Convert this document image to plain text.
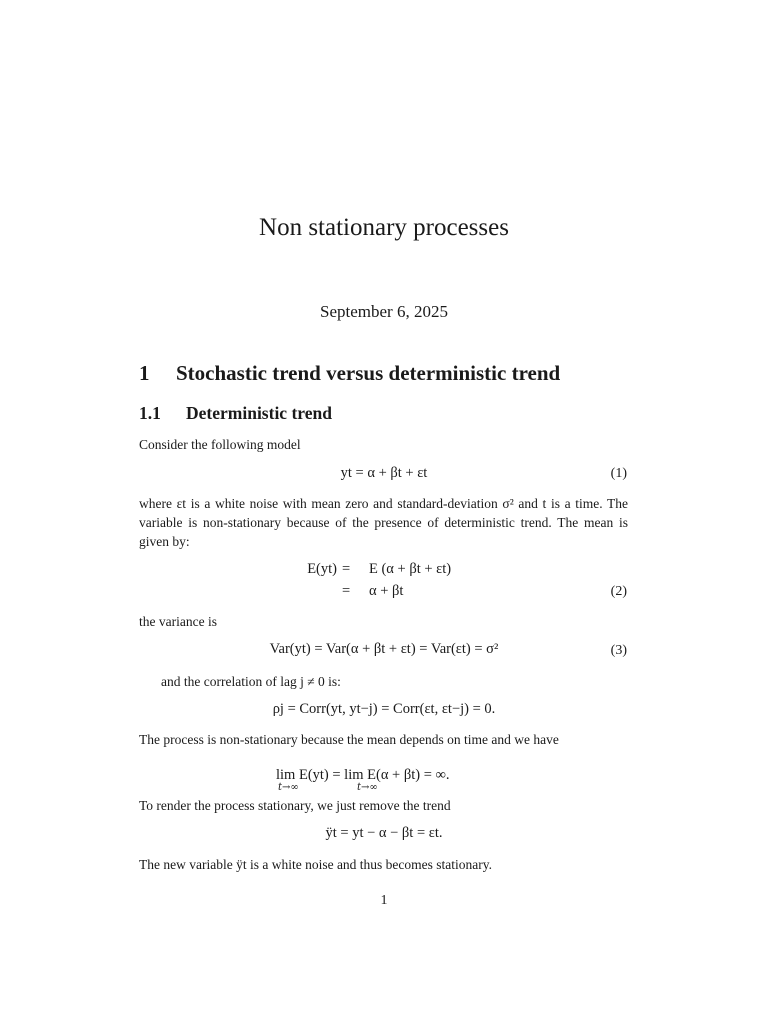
Non stationary processes
September 6, 2025
1 Stochastic trend versus deterministic trend
1.1 Deterministic trend
Consider the following model
yt = α + βt + εt	(1)
where εt is a white noise with mean zero and standard-deviation σ² and t is a time. The variable is non-stationary because of the presence of deterministic trend. The mean is given by:
E(yt) = E (α + βt + εt)
= α + βt	(2)
the variance is
Var(yt) = Var(α + βt + εt) = Var(εt) = σ²	(3)
and the correlation of lag j ≠ 0 is:
ρj = Corr(yt, yt−j) = Corr(εt, εt−j) = 0.
The process is non-stationary because the mean depends on time and we have
lim E(yt) = lim E(α + βt) = ∞.
t→∞	t→∞
To render the process stationary, we just remove the trend
ÿt = yt − α − βt = εt.
The new variable ÿt is a white noise and thus becomes stationary.
1
